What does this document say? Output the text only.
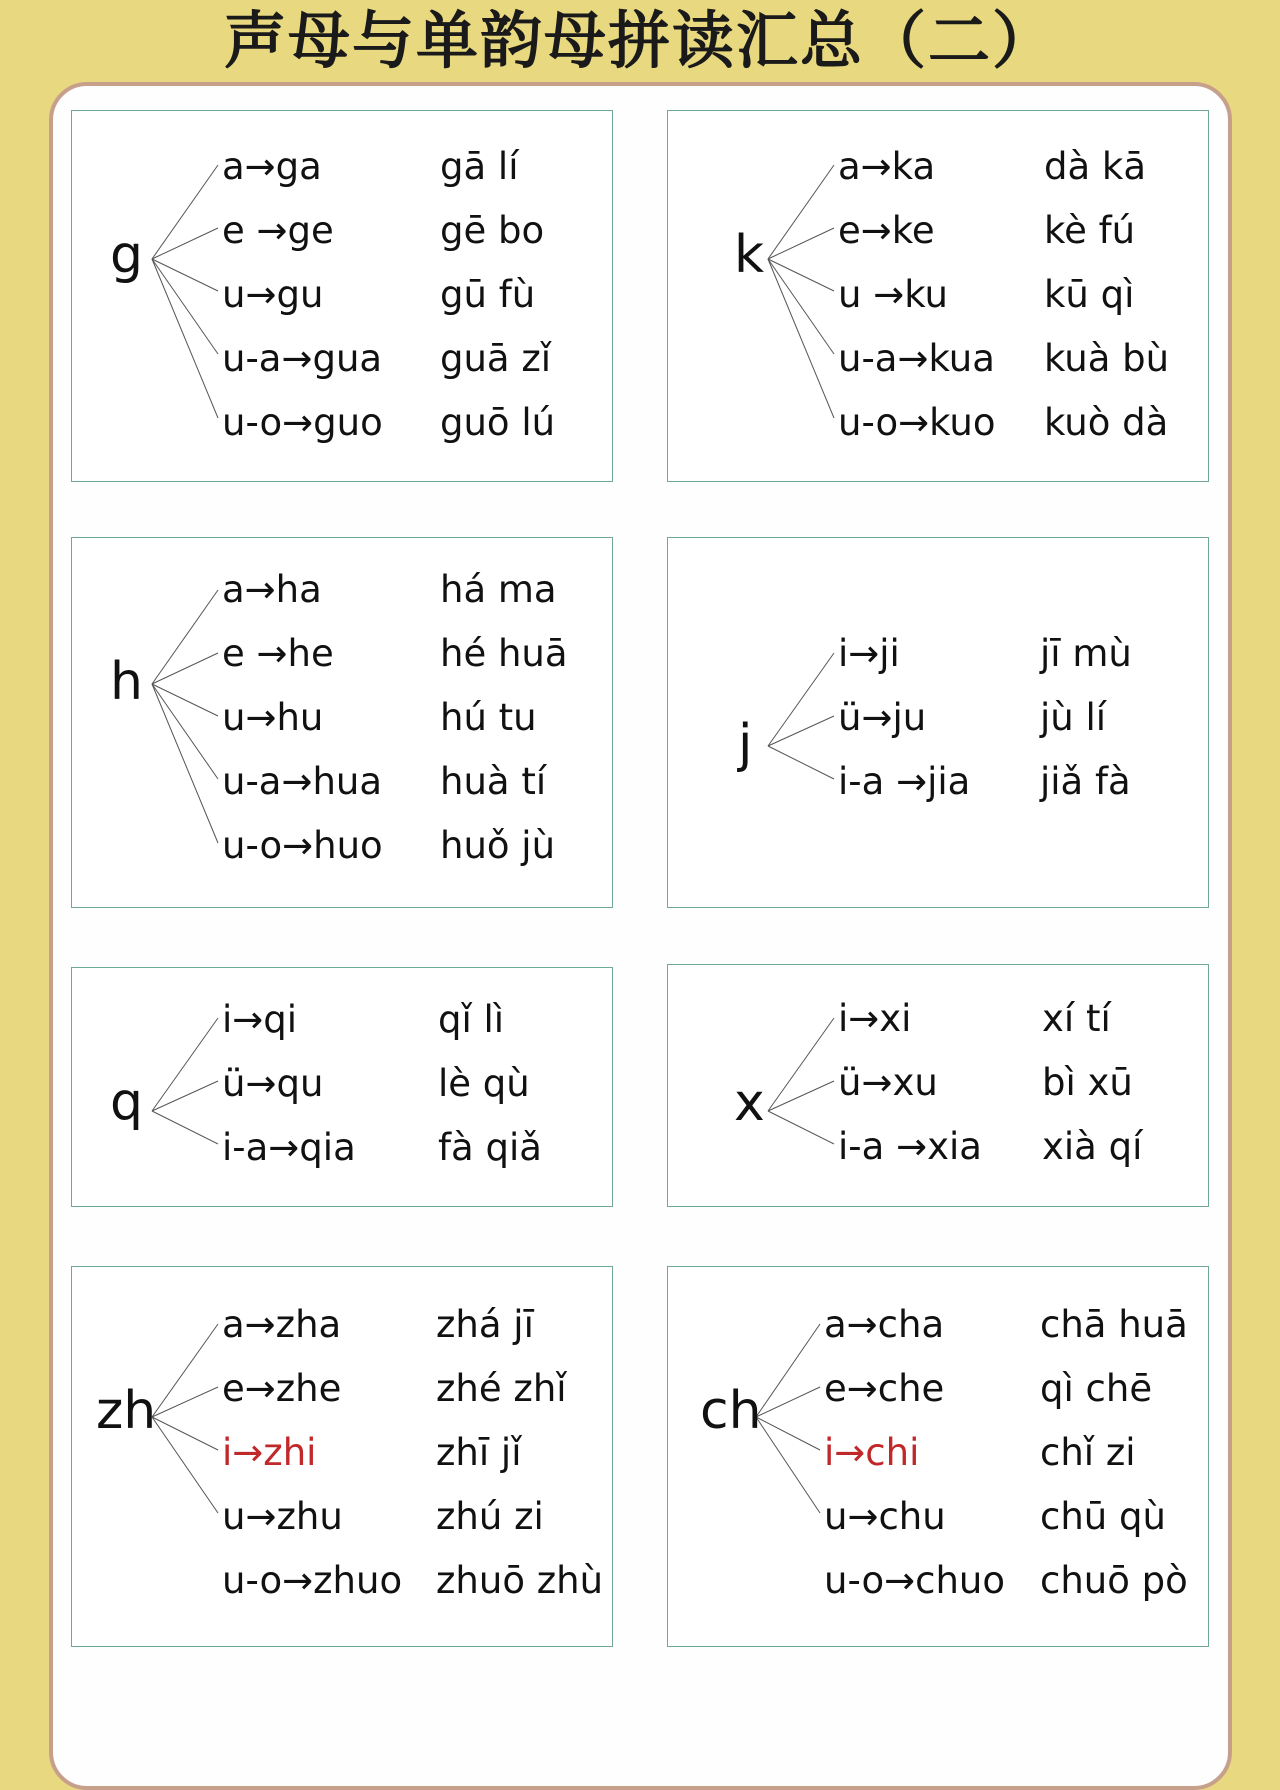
声母与单韵母拼读汇总（二）
g
a→ga
e →ge
u→gu
u-a→gua
u-o→guo
gā lí
gē bo
gū fù
guā zǐ
guō lú
k
a→ka
e→ke
u →ku
u-a→kua
u-o→kuo
dà kā
kè fú
kū qì
kuà bù
kuò dà
h
a→ha
e →he
u→hu
u-a→hua
u-o→huo
há ma
hé huā
hú tu
huà tí
huǒ jù
j
i→ji
ü→ju
i-a →jia
jī mù
jù lí
jiǎ fà
q
i→qi
ü→qu
i-a→qia
qǐ lì
lè qù
fà qiǎ
x
i→xi
ü→xu
i-a →xia
xí tí
bì xū
xià qí
zh
a→zha
e→zhe
i→zhi
u→zhu
u-o→zhuo
zhá jī
zhé zhǐ
zhī jǐ
zhú zi
zhuō zhù
ch
a→cha
e→che
i→chi
u→chu
u-o→chuo
chā huā
qì chē
chǐ zi
chū qù
chuō pò
